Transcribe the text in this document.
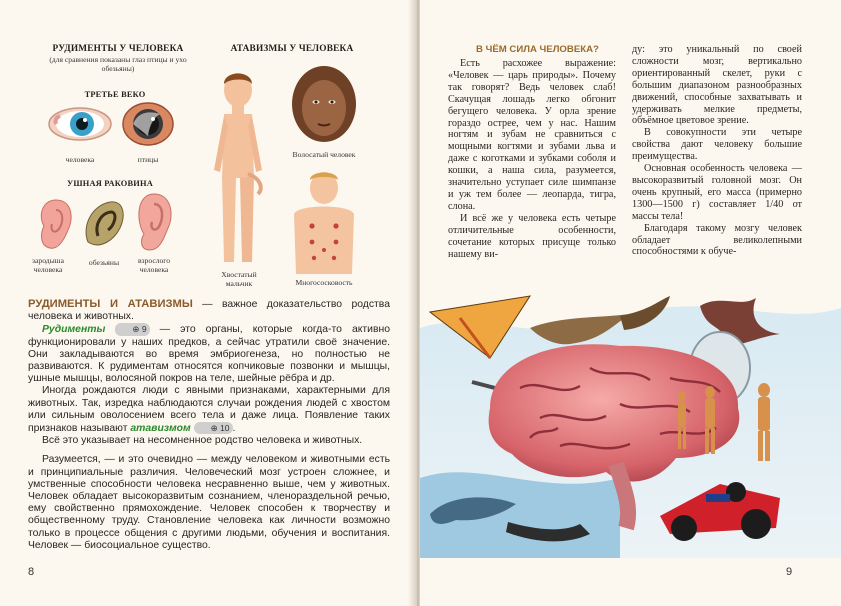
РУДИМЕНТЫ У ЧЕЛОВЕКА
(для сравнения показаны глаз птицы и ухо обезьяны)
АТАВИЗМЫ У ЧЕЛОВЕКА
ТРЕТЬЕ ВЕКО
человека	птицы
УШНАЯ РАКОВИНА
зародыша человека
обезьяны	взрослого человека
Хвостатый мальчик
Волосатый человек
Многососковость

РУДИМЕНТЫ И АТАВИЗМЫ — важное доказательство родства человека и животных.

Рудименты	⊕ 9 — это органы, которые когда-то активно функционировали у наших предков, а сейчас утратили своё значение. Они закладываются во время эмбриогенеза, но полностью не развиваются. К рудиментам относятся копчиковые позвонки и мышцы, ушные мышцы, волосяной покров на теле, шейные рёбра и др.

Иногда рождаются люди с явными признаками, характерными для животных. Так, изредка наблюдаются случаи рождения людей с хвостом или сильным оволосением всего тела и даже лица. Появление таких признаков называют атавизмом ⊕ 10 .

Всё это указывает на несомненное родство человека и животных.

Разумеется, — и это очевидно — между человеком и животными есть и принципиальные различия. Человеческий мозг устроен сложнее, и умственные способности человека несравненно выше, чем у животных. Человек обладает высокоразвитым сознанием, членораздельной речью, ему свойственно прямохождение. Человек способен к творчеству и общественному труду. Становление человека как личности возможно только в процессе общения с другими людьми, обучения и воспитания. Человек — биосоциальное существо.

8
В ЧЁМ СИЛА ЧЕЛОВЕКА?

Есть расхожее выражение: «Человек — царь природы». Почему так говорят? Ведь человек слаб! Скачущая лошадь легко обгонит бегущего человека. У орла зрение гораздо острее, чем у нас. Нашим ногтям и зубам не сравниться с мощными когтями и зубами льва и даже с коготками и зубками соболя и кошки, а наша сила, разумеется, значительно уступает силе шимпанзе и уж тем более — леопарда, тигра, слона.

И всё же у человека есть четыре отличительные особенности, сочетание которых присуще только нашему ви-

ду: это уникальный по своей сложности мозг, вертикально ориентированный скелет, руки с большим диапазоном разнообразных движений, способные захватывать и удерживать мелкие предметы, объёмное цветовое зрение.

В совокупности эти четыре свойства дают человеку большие преимущества.

Основная особенность человека — высокоразвитый головной мозг. Он очень крупный, его масса (примерно 1300—1500 г) составляет 1/40 от массы тела!

Благодаря такому мозгу человек обладает великолепными способностями к обуче-

9
